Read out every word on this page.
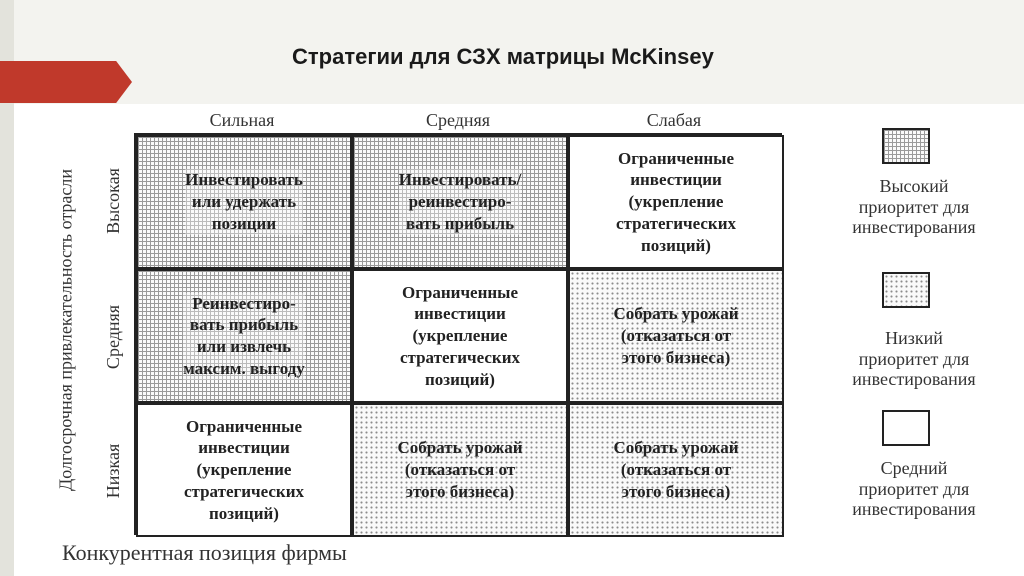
Стратегии для СЗХ матрицы McKinsey
Сильная	Средняя	Слабая
Высокая
Средняя
Низкая
Долгосрочная привлекательность отрасли
Конкурентная позиция фирмы
Инвестировать
или удержать
позиции
Инвестировать/
реинвестиро-
вать прибыль
Ограниченные
инвестиции
(укрепление
стратегических
позиций)
Реинвестиро-
вать прибыль
или извлечь
максим. выгоду
Ограниченные
инвестиции
(укрепление
стратегических
позиций)
Собрать урожай
(отказаться от
этого бизнеса)
Ограниченные
инвестиции
(укрепление
стратегических
позиций)
Собрать урожай
(отказаться от
этого бизнеса)
Собрать урожай
(отказаться от
этого бизнеса)
Высокий
приоритет для
инвестирования
Низкий
приоритет для
инвестирования
Средний
приоритет для
инвестирования
